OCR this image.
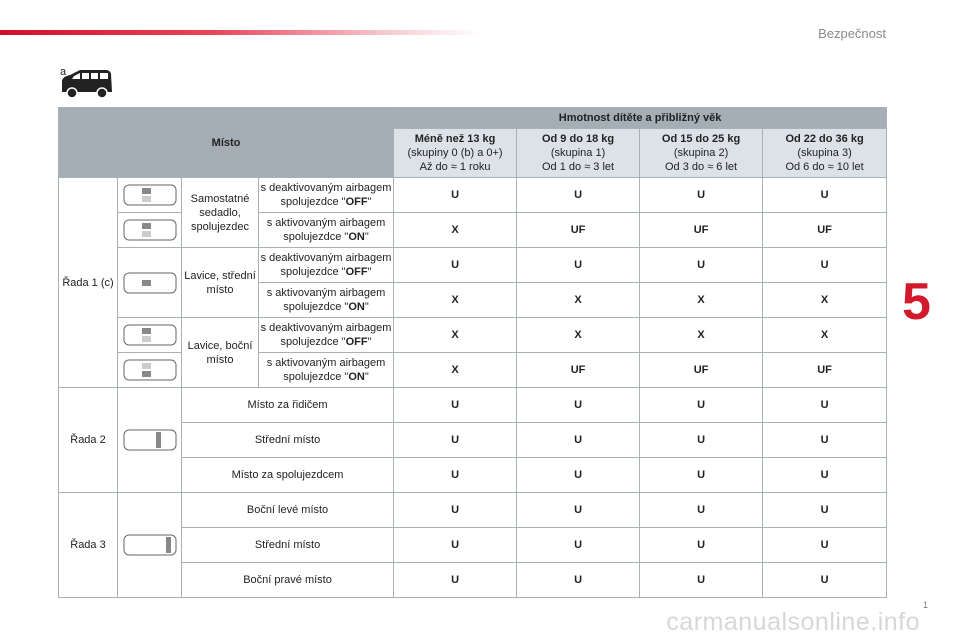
Bezpečnost
5
a
Místo				Hmotnost dítěte a přibližný věk			

				Méně než 13 kg
(skupiny 0 (b) a 0+)
Až do ≈ 1 roku	Od 9 do 18 kg
(skupina 1)
Od 1 do ≈ 3 let	Od 15 do 25 kg
(skupina 2)
Od 3 do ≈ 6 let	Od 22 do 36 kg
(skupina 3)
Od 6 do ≈ 10 let

Řada 1 (c)		Samostatné sedadlo, spolujezdec	s deaktivovaným airbagem spolujezdce "OFF"	U	U	U	U

	s aktivovaným airbagem spolujezdce "ON"	X	UF	UF	UF

	Lavice, střední místo	s deaktivovaným airbagem spolujezdce "OFF"	U	U	U	U
			s aktivovaným airbagem spolujezdce "ON"	X	X	X	X

	Lavice, boční místo	s deaktivovaným airbagem spolujezdce "OFF"	X	X	X	X

	s aktivovaným airbagem spolujezdce "ON"	X	UF	UF	UF
Řada 2		Místo za řidičem		U	U	U	U
		Střední místo		U	U	U	U
		Místo za spolujezdcem		U	U	U	U
Řada 3		Boční levé místo		U	U	U	U
		Střední místo		U	U	U	U
		Boční pravé místo		U	U	U	U
1
carmanualsonline.info
